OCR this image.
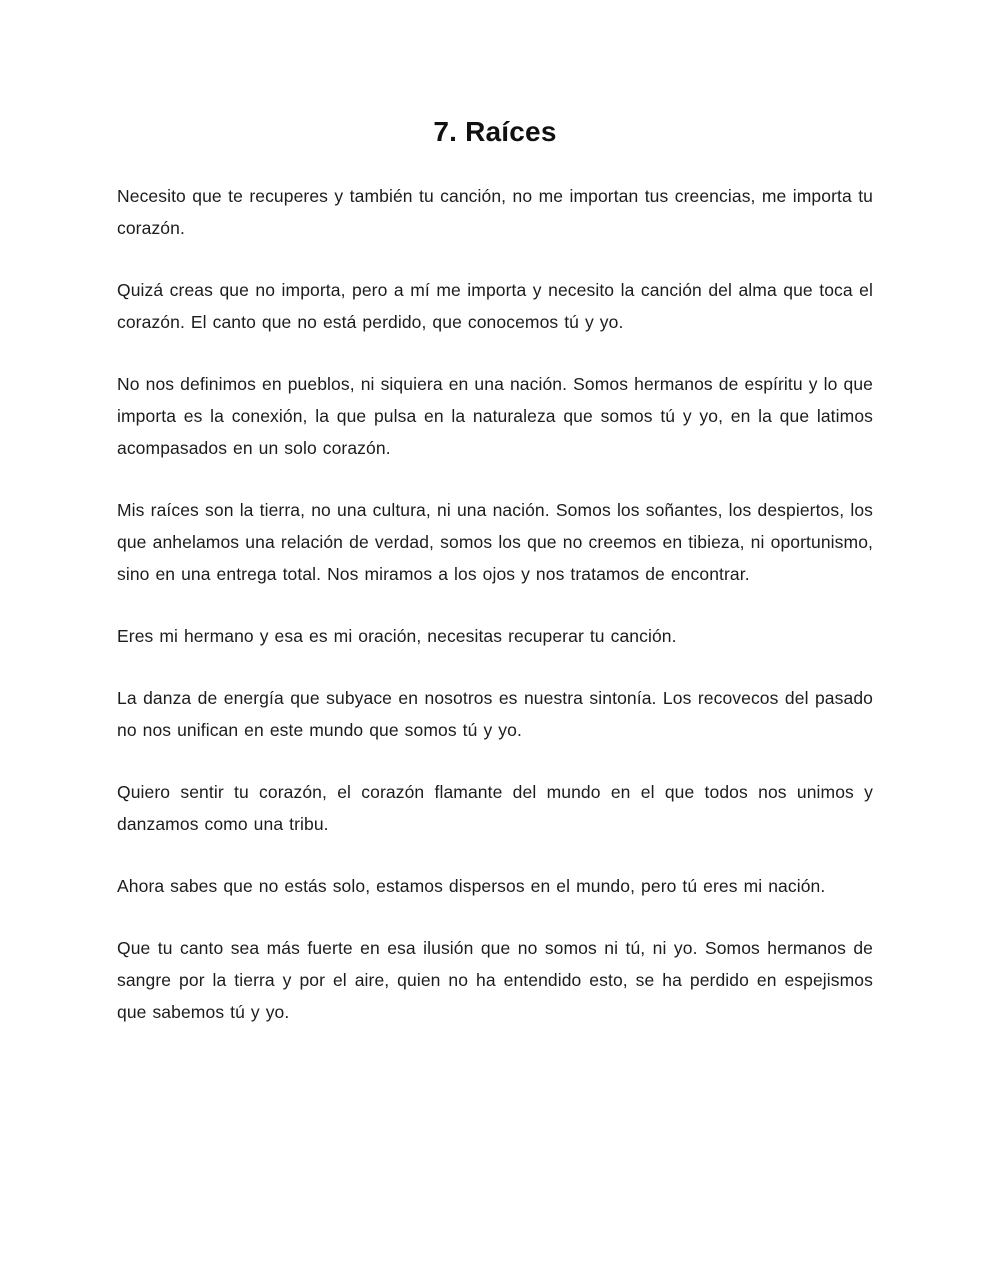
7. Raíces

Necesito que te recuperes y también tu canción, no me importan tus creencias, me importa tu corazón.

Quizá creas que no importa, pero a mí me importa y necesito la canción del alma que toca el corazón. El canto que no está perdido, que conocemos tú y yo.

No nos definimos en pueblos, ni siquiera en una nación. Somos hermanos de espíritu y lo que importa es la conexión, la que pulsa en la naturaleza que somos tú y yo, en la que latimos acompasados en un solo corazón.

Mis raíces son la tierra, no una cultura, ni una nación. Somos los soñantes, los despiertos, los que anhelamos una relación de verdad, somos los que no creemos en tibieza, ni oportunismo, sino en una entrega total. Nos miramos a los ojos y nos tratamos de encontrar.

Eres mi hermano y esa es mi oración, necesitas recuperar tu canción.

La danza de energía que subyace en nosotros es nuestra sintonía. Los recovecos del pasado no nos unifican en este mundo que somos tú y yo.

Quiero sentir tu corazón, el corazón flamante del mundo en el que todos nos unimos y danzamos como una tribu.

Ahora sabes que no estás solo, estamos dispersos en el mundo, pero tú eres mi nación.

Que tu canto sea más fuerte en esa ilusión que no somos ni tú, ni yo. Somos hermanos de sangre por la tierra y por el aire, quien no ha entendido esto, se ha perdido en espejismos que sabemos tú y yo.
